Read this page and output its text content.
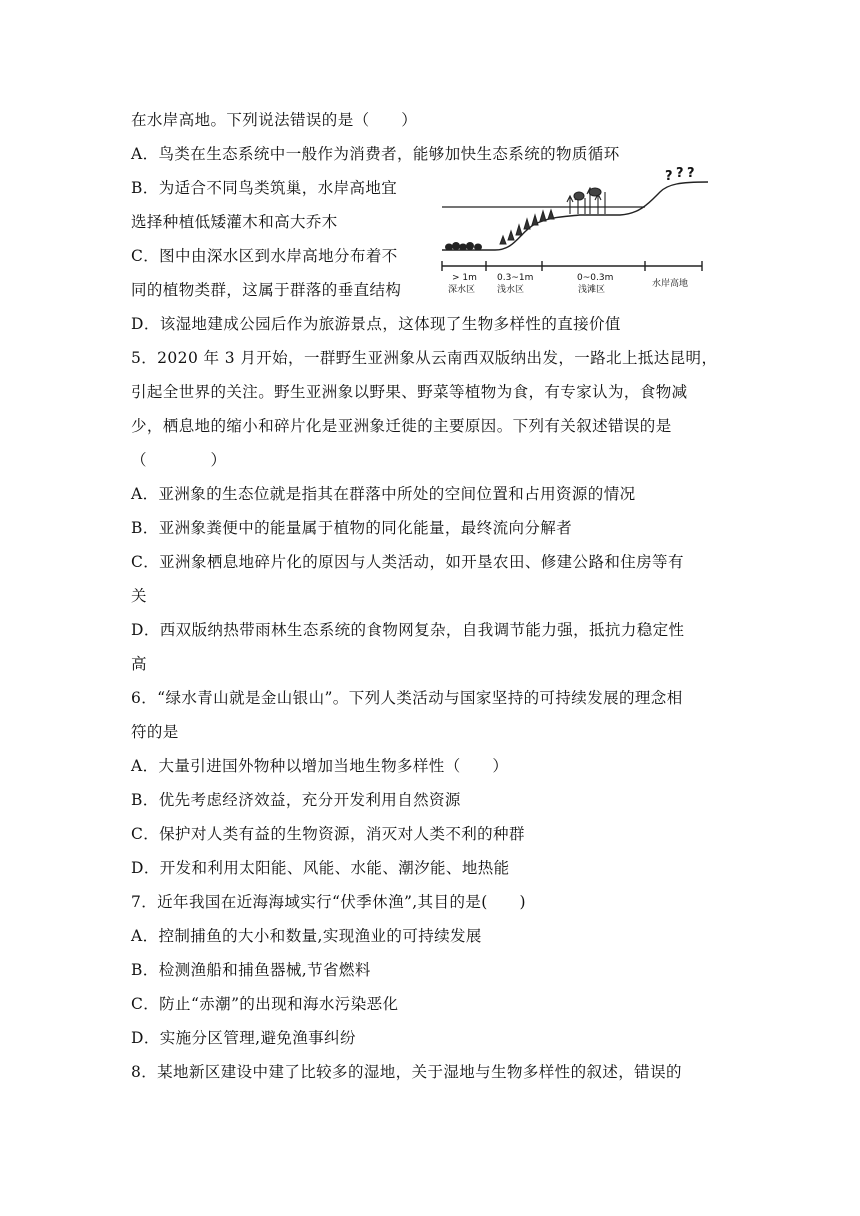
在水岸高地。下列说法错误的是（　　）
A．鸟类在生态系统中一般作为消费者，能够加快生态系统的物质循环
B．为适合不同鸟类筑巢，水岸高地宜
选择种植低矮灌木和高大乔木
C．图中由深水区到水岸高地分布着不
同的植物类群，这属于群落的垂直结构
D．该湿地建成公园后作为旅游景点，这体现了生物多样性的直接价值
5．2020 年 3 月开始，一群野生亚洲象从云南西双版纳出发，一路北上抵达昆明，
引起全世界的关注。野生亚洲象以野果、野菜等植物为食，有专家认为，食物减
少，栖息地的缩小和碎片化是亚洲象迁徙的主要原因。下列有关叙述错误的是
（　　　　）
A．亚洲象的生态位就是指其在群落中所处的空间位置和占用资源的情况
B．亚洲象粪便中的能量属于植物的同化能量，最终流向分解者
C．亚洲象栖息地碎片化的原因与人类活动，如开垦农田、修建公路和住房等有
关
D．西双版纳热带雨林生态系统的食物网复杂，自我调节能力强，抵抗力稳定性
高
6．“绿水青山就是金山银山”。下列人类活动与国家坚持的可持续发展的理念相
符的是
A．大量引进国外物种以增加当地生物多样性（　　）
B．优先考虑经济效益，充分开发利用自然资源
C．保护对人类有益的生物资源，消灭对人类不利的种群
D．开发和利用太阳能、风能、水能、潮汐能、地热能
7．近年我国在近海海域实行“伏季休渔”,其目的是(　　)
A．控制捕鱼的大小和数量,实现渔业的可持续发展
B．检测渔船和捕鱼器械,节省燃料
C．防止“赤潮”的出现和海水污染恶化
D．实施分区管理,避免渔事纠纷
8．某地新区建设中建了比较多的湿地，关于湿地与生物多样性的叙述，错误的
? ? ?
> 1m
深水区
0.3~1m
浅水区
0~0.3m
浅滩区
水岸高地
